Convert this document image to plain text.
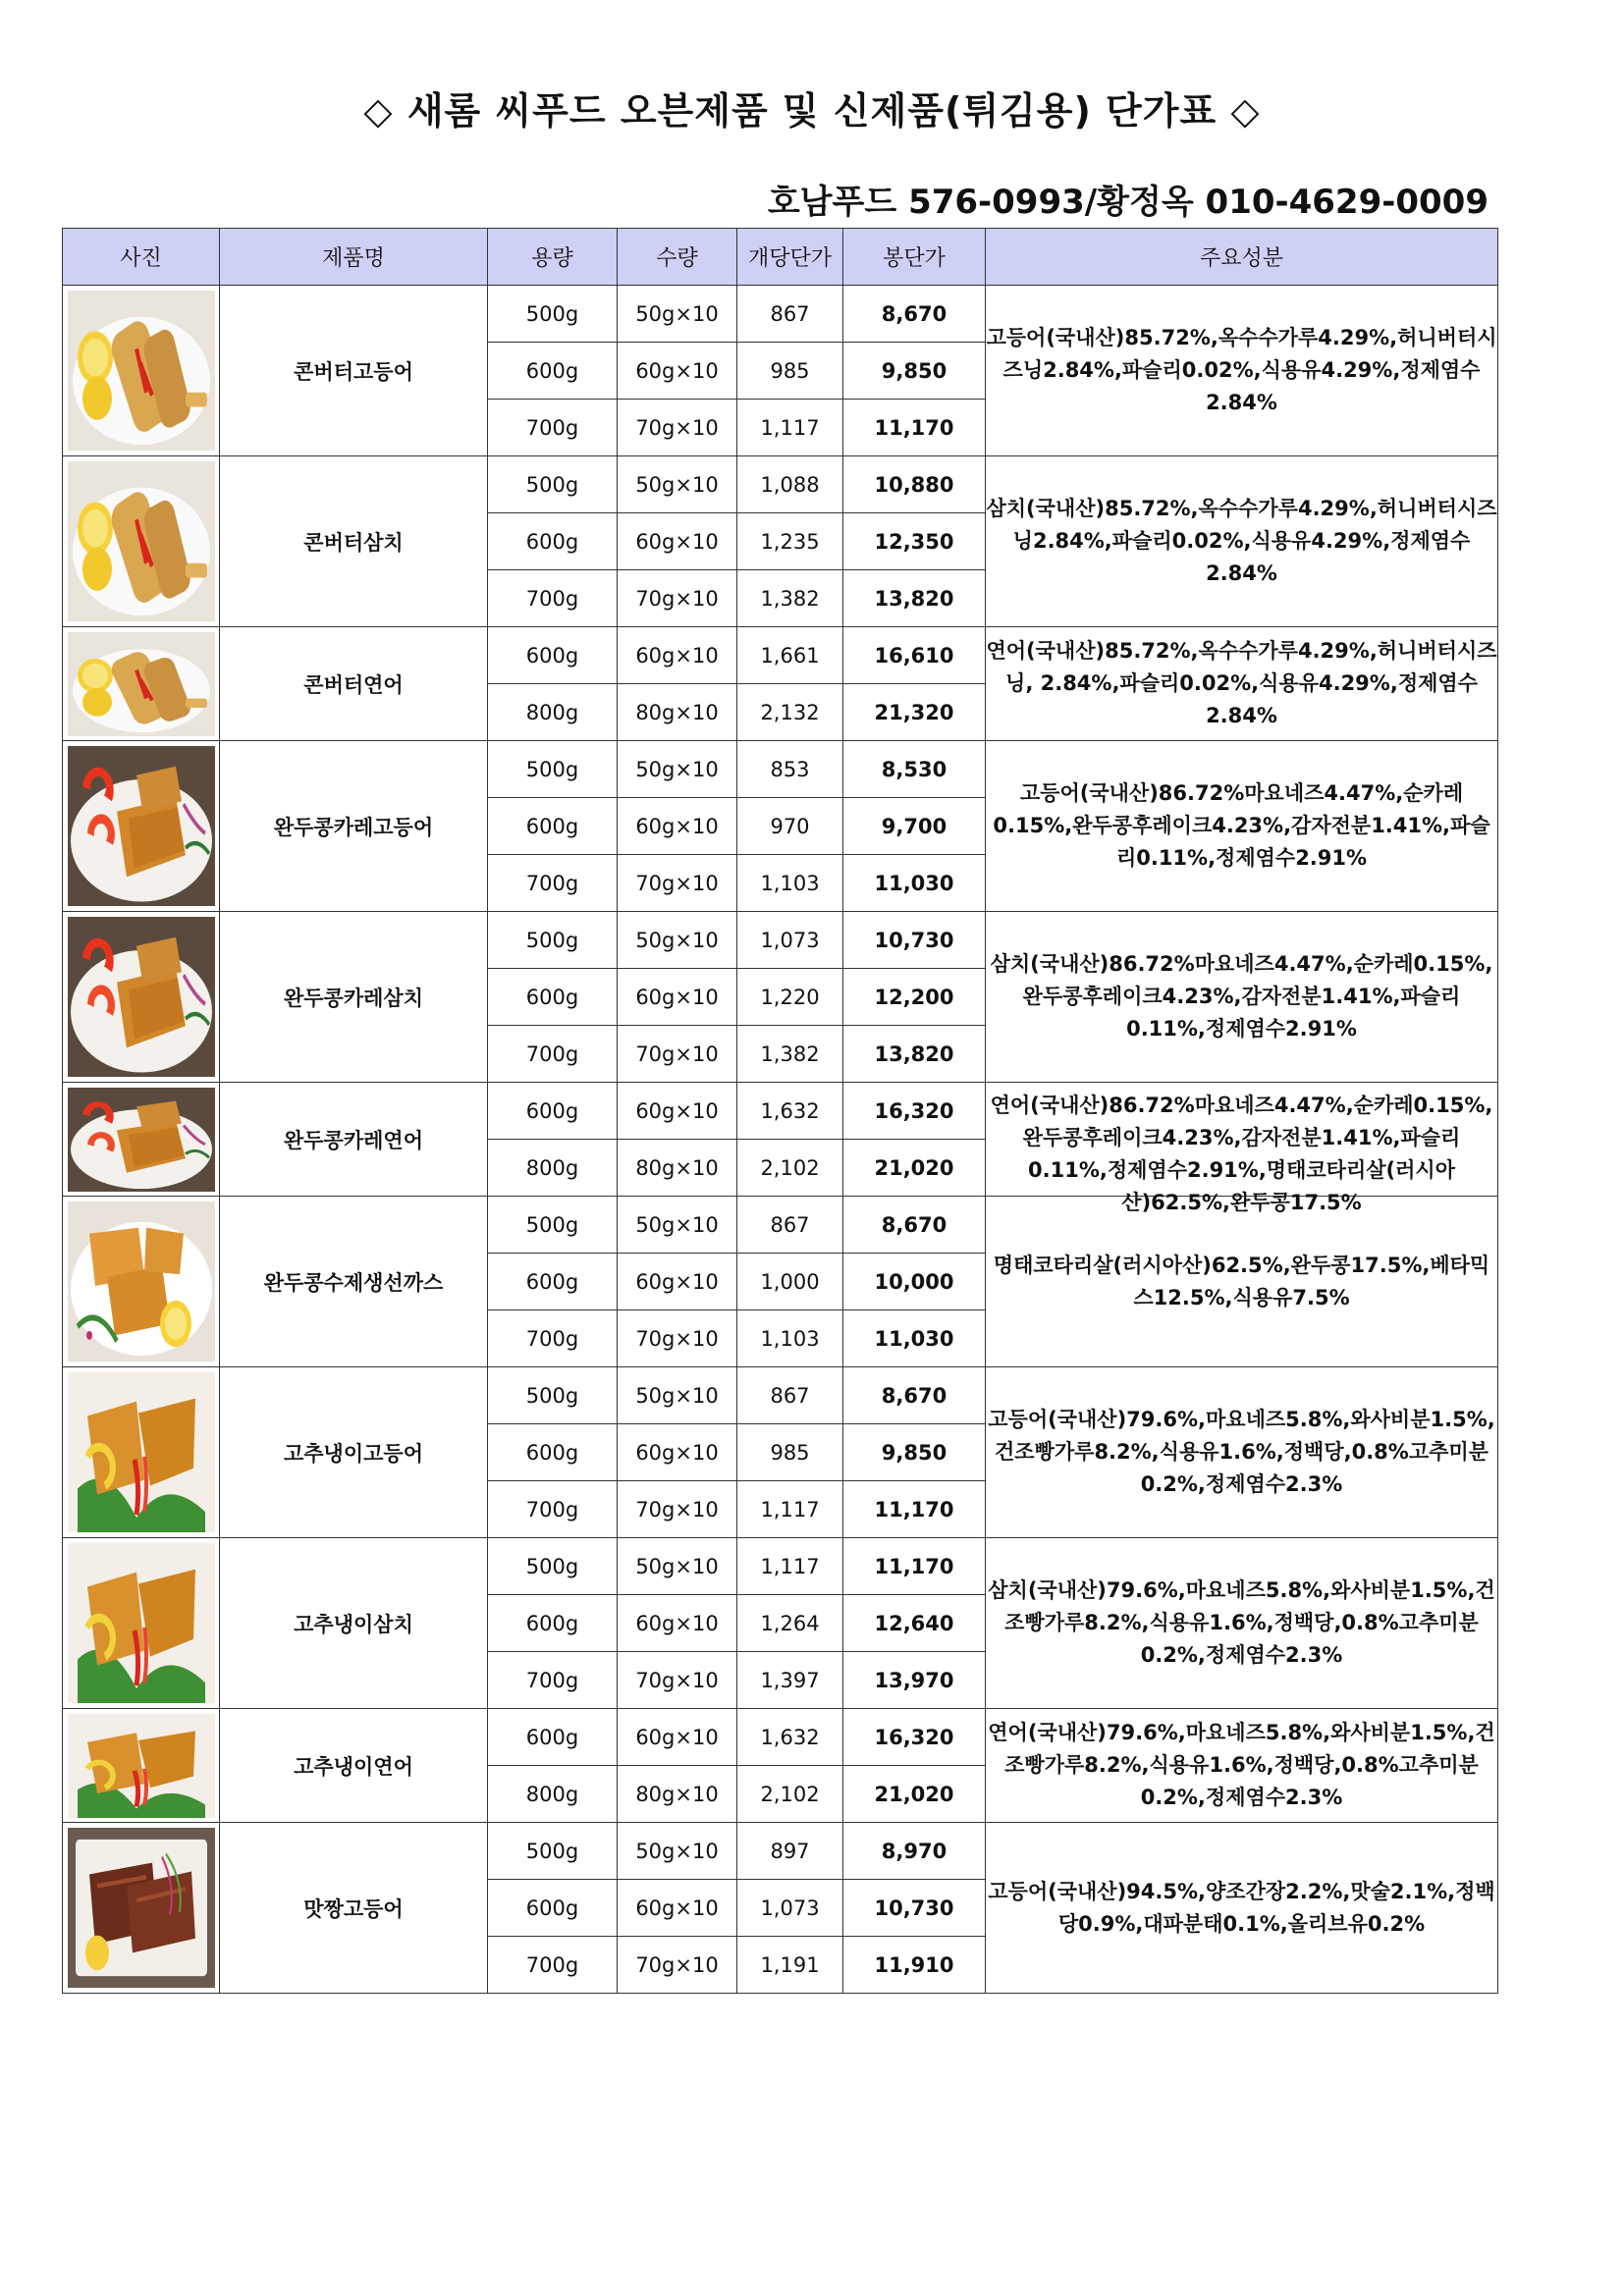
◇ 새롬 씨푸드 오븐제품 및 신제품(튀김용) 단가표 ◇
호남푸드 576-0993/황정옥 010-4629-0009
사진	제품명	용량	수량	개당단가	봉단가	주요성분

	콘버터고등어	500g	50g×10	867	8,670	고등어(국내산)85.72%,옥수수가루4.29%,허니버터시즈닝2.84%,파슬리0.02%,식용유4.29%,정제염수2.84%

		600g	60g×10	985	9,850	
		700g	70g×10	1,117	11,170	

	콘버터삼치	500g	50g×10	1,088	10,880	삼치(국내산)85.72%,옥수수가루4.29%,허니버터시즈닝2.84%,파슬리0.02%,식용유4.29%,정제염수2.84%

		600g	60g×10	1,235	12,350	
		700g	70g×10	1,382	13,820	

	콘버터연어	600g	60g×10	1,661	16,610	연어(국내산)85.72%,옥수수가루4.29%,허니버터시즈닝, 2.84%,파슬리0.02%,식용유4.29%,정제염수2.84%

		800g	80g×10	2,132	21,320	

	완두콩카레고등어	500g	50g×10	853	8,530	고등어(국내산)86.72%마요네즈4.47%,순카레0.15%,완두콩후레이크4.23%,감자전분1.41%,파슬리0.11%,정제염수2.91%

		600g	60g×10	970	9,700	
		700g	70g×10	1,103	11,030	

	완두콩카레삼치	500g	50g×10	1,073	10,730	삼치(국내산)86.72%마요네즈4.47%,순카레0.15%,완두콩후레이크4.23%,감자전분1.41%,파슬리0.11%,정제염수2.91%

		600g	60g×10	1,220	12,200	
		700g	70g×10	1,382	13,820	

	완두콩카레연어	600g	60g×10	1,632	16,320	연어(국내산)86.72%마요네즈4.47%,순카레0.15%,완두콩후레이크4.23%,감자전분1.41%,파슬리0.11%,정제염수2.91%,명태코타리살(러시아산)62.5%,완두콩17.5%

		800g	80g×10	2,102	21,020	

	완두콩수제생선까스	500g	50g×10	867	8,670	명태코타리살(러시아산)62.5%,완두콩17.5%,베타믹스12.5%,식용유7.5%

		600g	60g×10	1,000	10,000	
		700g	70g×10	1,103	11,030	

	고추냉이고등어	500g	50g×10	867	8,670	고등어(국내산)79.6%,마요네즈5.8%,와사비분1.5%,건조빵가루8.2%,식용유1.6%,정백당,0.8%고추미분0.2%,정제염수2.3%

		600g	60g×10	985	9,850	
		700g	70g×10	1,117	11,170	

	고추냉이삼치	500g	50g×10	1,117	11,170	삼치(국내산)79.6%,마요네즈5.8%,와사비분1.5%,건조빵가루8.2%,식용유1.6%,정백당,0.8%고추미분0.2%,정제염수2.3%

		600g	60g×10	1,264	12,640	
		700g	70g×10	1,397	13,970	

	고추냉이연어	600g	60g×10	1,632	16,320	연어(국내산)79.6%,마요네즈5.8%,와사비분1.5%,건조빵가루8.2%,식용유1.6%,정백당,0.8%고추미분0.2%,정제염수2.3%

		800g	80g×10	2,102	21,020	

	맛짱고등어	500g	50g×10	897	8,970	고등어(국내산)94.5%,양조간장2.2%,맛술2.1%,정백당0.9%,대파분태0.1%,올리브유0.2%

		600g	60g×10	1,073	10,730	
		700g	70g×10	1,191	11,910	
